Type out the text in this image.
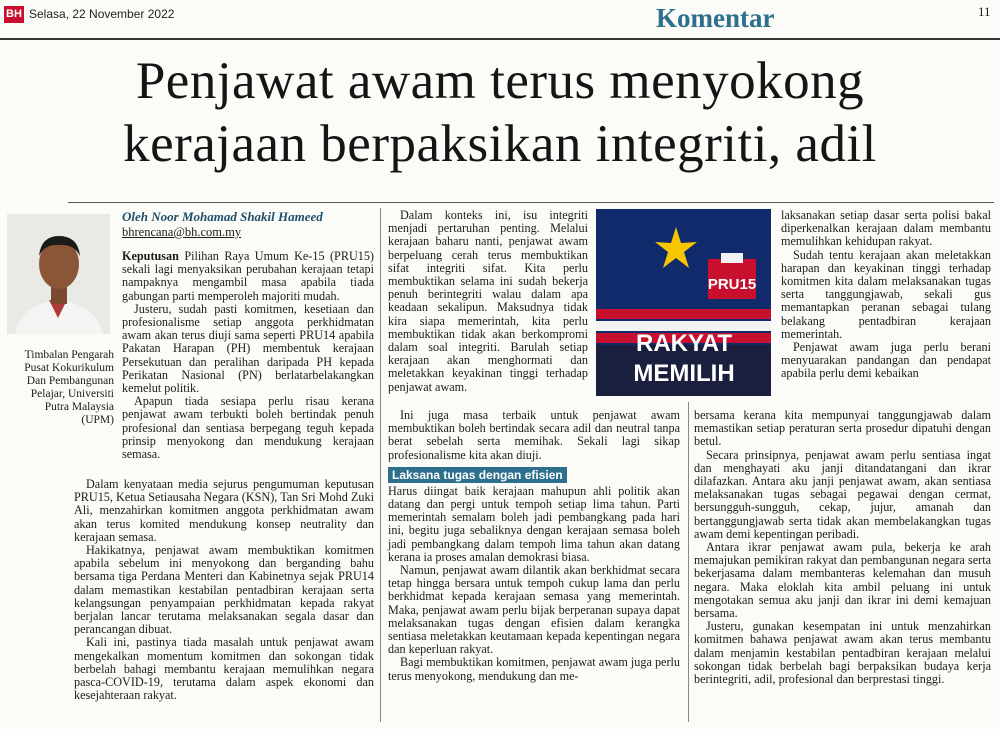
BH Selasa, 22 November 2022	Komentar	11
Penjawat awam terus menyokong
kerajaan berpaksikan integriti, adil
Timbalan Pengarah Pusat Kokurikulum Dan Pembangunan Pelajar, Universiti Putra Malaysia (UPM)
Oleh Noor Mohamad Shakil Hameed
bhrencana@bh.com.my

Keputusan Pilihan Raya Umum Ke-15 (PRU15) sekali lagi menyaksikan perubahan kerajaan tetapi nampaknya mengambil masa apabila tiada gabungan parti memperoleh majoriti mudah.

Justeru, sudah pasti komitmen, kesetiaan dan profesionalisme setiap anggota perkhidmatan awam akan terus diuji sama seperti PRU14 apabila Pakatan Harapan (PH) membentuk kerajaan Persekutuan dan peralihan daripada PH kepada Perikatan Nasional (PN) berlatarbelakangkan kemelut politik.

Apapun tiada sesiapa perlu risau kerana penjawat awam terbukti boleh bertindak penuh profesional dan sentiasa berpegang teguh kepada prinsip menyokong dan mendukung kerajaan semasa.

Dalam kenyataan media sejurus pengumuman keputusan PRU15, Ketua Setiausaha Negara (KSN), Tan Sri Mohd Zuki Ali, menzahirkan komitmen anggota perkhidmatan awam akan terus komited mendukung konsep neutrality dan kerajaan semasa.

Hakikatnya, penjawat awam membuktikan komitmen apabila sebelum ini menyokong dan berganding bahu bersama tiga Perdana Menteri dan Kabinetnya sejak PRU14 dalam memastikan kestabilan pentadbiran kerajaan serta kelangsungan penyampaian perkhidmatan kepada rakyat berjalan lancar terutama melaksanakan segala dasar dan perancangan dibuat.

Kali ini, pastinya tiada masalah untuk penjawat awam mengekalkan momentum komitmen dan sokongan tidak berbelah bahagi membantu kerajaan memulihkan negara pasca-COVID-19, terutama dalam aspek ekonomi dan kesejahteraan rakyat.

Dalam konteks ini, isu integriti menjadi pertaruhan penting. Melalui kerajaan baharu nanti, penjawat awam berpeluang cerah terus membuktikan sifat integriti sifat. Kita perlu membuktikan selama ini sudah bekerja penuh berintegriti walau dalam apa keadaan sekalipun. Maksudnya tidak kira siapa memerintah, kita perlu membuktikan tidak akan berkompromi dalam soal integriti. Barulah setiap kerajaan akan menghormati dan meletakkan keyakinan tinggi terhadap penjawat awam.

Ini juga masa terbaik untuk penjawat awam membuktikan boleh bertindak secara adil dan neutral tanpa berat sebelah serta memihak. Sekali lagi sikap profesionalisme kita akan diuji.

Laksana tugas dengan efisien

Harus diingat baik kerajaan mahupun ahli politik akan datang dan pergi untuk tempoh setiap lima tahun. Parti memerintah semalam boleh jadi pembangkang pada hari ini, begitu juga sebaliknya dengan kerajaan semasa boleh jadi pembangkang dalam tempoh lima tahun akan datang kerana ia proses amalan demokrasi biasa.

Namun, penjawat awam dilantik akan berkhidmat secara tetap hingga bersara untuk tempoh cukup lama dan perlu berkhidmat kepada kerajaan semasa yang memerintah. Maka, penjawat awam perlu bijak berperanan supaya dapat melaksanakan tugas dengan efisien dalam kerangka sentiasa meletakkan keutamaan kepada kepentingan negara dan keperluan rakyat.

Bagi membuktikan komitmen, penjawat awam juga perlu terus menyokong, mendukung dan me-

PRU15
RAKYAT
MEMILIH

laksanakan setiap dasar serta polisi bakal diperkenalkan kerajaan dalam membantu memulihkan kehidupan rakyat.

Sudah tentu kerajaan akan meletakkan harapan dan keyakinan tinggi terhadap komitmen kita dalam melaksanakan tugas serta tanggungjawab, sekali gus memantapkan peranan sebagai tulang belakang pentadbiran kerajaan memerintah.

Penjawat awam juga perlu berani menyuarakan pandangan dan pendapat apabila perlu demi kebaikan

bersama kerana kita mempunyai tanggungjawab dalam memastikan setiap peraturan serta prosedur dipatuhi dengan betul.

Secara prinsipnya, penjawat awam perlu sentiasa ingat dan menghayati aku janji ditandatangani dan ikrar dilafazkan. Antara aku janji penjawat awam, akan sentiasa melaksanakan tugas sebagai pegawai dengan cermat, bersungguh-sungguh, cekap, jujur, amanah dan bertanggungjawab serta tidak akan membelakangkan tugas awam demi kepentingan peribadi.

Antara ikrar penjawat awam pula, bekerja ke arah memajukan pemikiran rakyat dan pembangunan negara serta bekerjasama dalam membanteras kelemahan dan musuh negara. Maka eloklah kita ambil peluang ini untuk mengotakan semua aku janji dan ikrar ini demi kemajuan bersama.

Justeru, gunakan kesempatan ini untuk menzahirkan komitmen bahawa penjawat awam akan terus membantu dalam menjamin kestabilan pentadbiran kerajaan melalui sokongan tidak berbelah bagi berpaksikan budaya kerja berintegriti, adil, profesional dan berprestasi tinggi.
